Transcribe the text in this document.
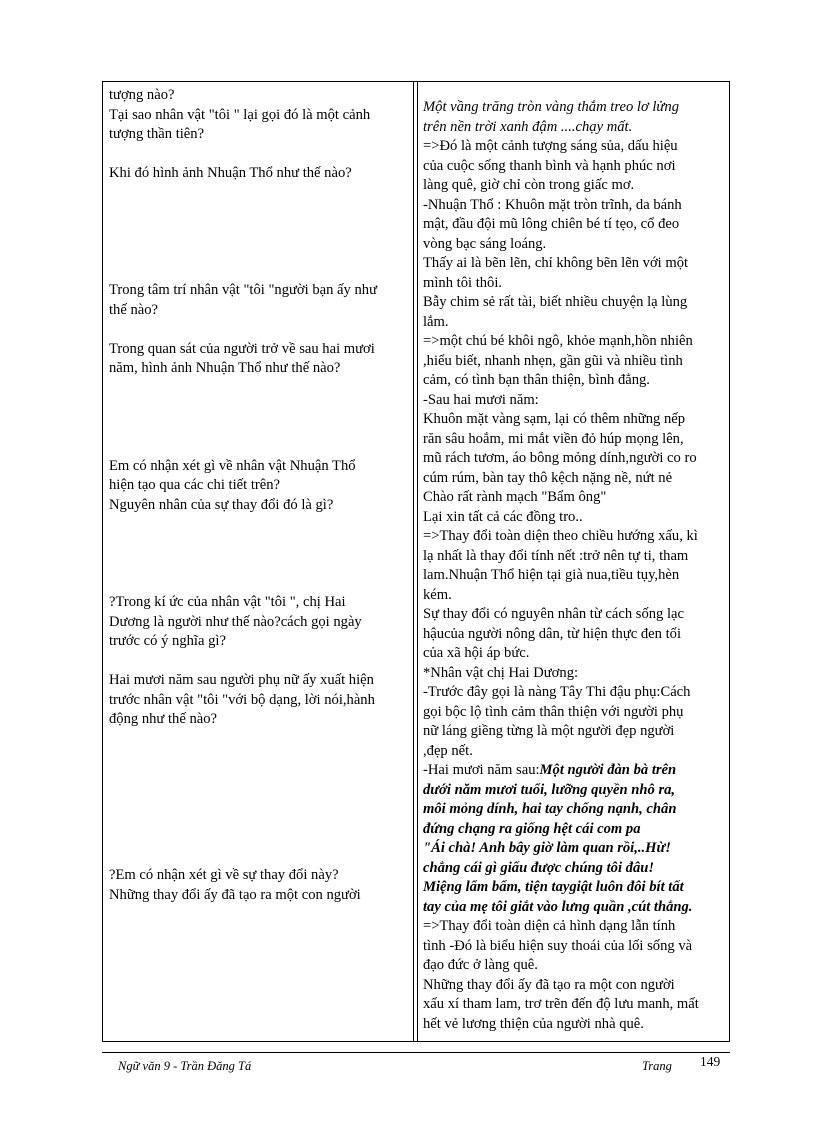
tượng nào?
Tại sao nhân vật "tôi " lại gọi đó là một cảnh
tượng thần tiên?
Khi đó hình ảnh Nhuận Thổ như thế nào?
Trong tâm trí nhân vật "tôi "người bạn ấy như
thế nào?
Trong quan sát của người trở về sau hai mươi
năm, hình ảnh Nhuận Thổ như thế nào?
Em có nhận xét gì về nhân vật Nhuận Thổ
hiện tạo qua các chi tiết trên?
Nguyên nhân của sự thay đổi đó là gì?
?Trong kí ức của nhân vật "tôi ", chị Hai
Dương là người như thế nào?cách gọi ngày
trước có ý nghĩa gì?
Hai mươi năm sau người phụ nữ ấy xuất hiện
trước nhân vật "tôi "với bộ dạng, lời nói,hành
động như thế nào?
?Em có nhận xét gì về sự thay đổi này?
Những thay đổi ấy đã tạo ra một con người
Một vầng trăng tròn vàng thắm treo lơ lửng
trên nền trời xanh đậm ....chạy mất.
=>Đó là một cảnh tượng sáng sủa, dấu hiệu
của cuộc sống thanh bình và hạnh phúc nơi
làng quê, giờ chỉ còn trong giấc mơ.
-Nhuận Thổ : Khuôn mặt tròn trĩnh, da bánh
mật, đầu đội mũ lông chiên bé tí tẹo, cổ đeo
vòng bạc sáng loáng.
Thấy ai là bẽn lẽn, chỉ không bẽn lẽn với một
mình tôi thôi.
Bẫy chim sẻ rất tài, biết nhiều chuyện lạ lùng
lắm.
=>một chú bé khôi ngô, khỏe mạnh,hồn nhiên
,hiểu biết, nhanh nhẹn, gần gũi và nhiều tình
cảm, có tình bạn thân thiện, bình đẳng.
-Sau hai mươi năm:
Khuôn mặt vàng sạm, lại có thêm những nếp
răn sâu hoắm, mi mắt viền đỏ húp mọng lên,
mũ rách tươm, áo bông mỏng dính,người co ro
cúm rúm, bàn tay thô kệch nặng nề, nứt nẻ
Chào rất rành mạch "Bẩm ông"
Lại xin tất cả các đồng tro..
=>Thay đổi toàn diện theo chiều hướng xấu, kì
lạ nhất là thay đổi tính nết :trở nên tự ti, tham
lam.Nhuận Thổ hiện tại già nua,tiều tụy,hèn
kém.
Sự thay đổi có nguyên nhân từ cách sống lạc
hậucủa người nông dân, từ hiện thực đen tối
của xã hội áp bức.
*Nhân vật chị Hai Dương:
-Trước đây gọi là nàng Tây Thi đậu phụ:Cách
gọi bộc lộ tình cảm thân thiện với người phụ
nữ láng giềng từng là một người đẹp người
,đẹp nết.
-Hai mươi năm sau:Một người đàn bà trên
dưới năm mươi tuổi, lưỡng quyền nhô ra,
môi mỏng dính, hai tay chống nạnh, chân
đứng chạng ra giống hệt cái com pa
"Ái chà! Anh bây giờ làm quan rồi,..Hừ!
chẳng cái gì giấu được chúng tôi đâu!
Miệng lẩm bẩm, tiện taygiật luôn đôi bít tất
tay của mẹ tôi giắt vào lưng quần ,cút thẳng.
=>Thay đổi toàn diện cả hình dạng lẫn tính
tình -Đó là biểu hiện suy thoái của lối sống và
đạo đức ở làng quê.
Những thay đổi ấy đã tạo ra một con người
xấu xí tham lam, trơ trẽn đến độ lưu manh, mất
hết vẻ lương thiện của người nhà quê.
Ngữ văn 9 - Trần Đăng Tá	Trang 149
